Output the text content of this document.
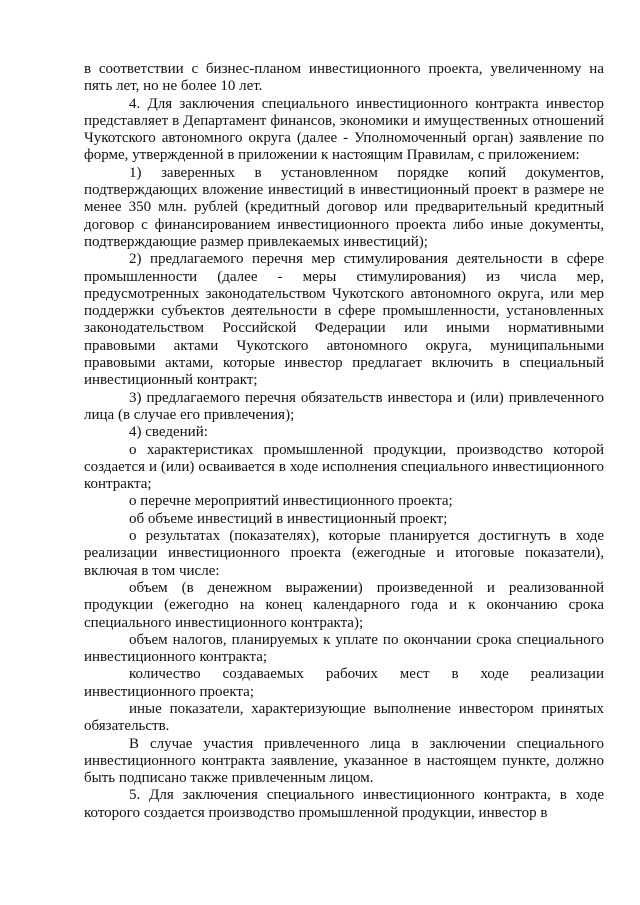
в соответствии с бизнес-планом инвестиционного проекта, увеличенному на пять лет, но не более 10 лет.

4. Для заключения специального инвестиционного контракта инвестор представляет в Департамент финансов, экономики и имущественных отношений Чукотского автономного округа (далее - Уполномоченный орган) заявление по форме, утвержденной в приложении к настоящим Правилам, с приложением:

1) заверенных в установленном порядке копий документов, подтверждающих вложение инвестиций в инвестиционный проект в размере не менее 350 млн. рублей (кредитный договор или предварительный кредитный договор с финансированием инвестиционного проекта либо иные документы, подтверждающие размер привлекаемых инвестиций);

2) предлагаемого перечня мер стимулирования деятельности в сфере промышленности (далее - меры стимулирования) из числа мер, предусмотренных законодательством Чукотского автономного округа, или мер поддержки субъектов деятельности в сфере промышленности, установленных законодательством Российской Федерации или иными нормативными правовыми актами Чукотского автономного округа, муниципальными правовыми актами, которые инвестор предлагает включить в специальный инвестиционный контракт;

3) предлагаемого перечня обязательств инвестора и (или) привлеченного лица (в случае его привлечения);

4) сведений:

о характеристиках промышленной продукции, производство которой создается и (или) осваивается в ходе исполнения специального инвестиционного контракта;

о перечне мероприятий инвестиционного проекта;

об объеме инвестиций в инвестиционный проект;

о результатах (показателях), которые планируется достигнуть в ходе реализации инвестиционного проекта (ежегодные и итоговые показатели), включая в том числе:

объем (в денежном выражении) произведенной и реализованной продукции (ежегодно на конец календарного года и к окончанию срока специального инвестиционного контракта);

объем налогов, планируемых к уплате по окончании срока специального инвестиционного контракта;

количество создаваемых рабочих мест в ходе реализации инвестиционного проекта;

иные показатели, характеризующие выполнение инвестором принятых обязательств.

В случае участия привлеченного лица в заключении специального инвестиционного контракта заявление, указанное в настоящем пункте, должно быть подписано также привлеченным лицом.

5. Для заключения специального инвестиционного контракта, в ходе которого создается производство промышленной продукции, инвестор в
